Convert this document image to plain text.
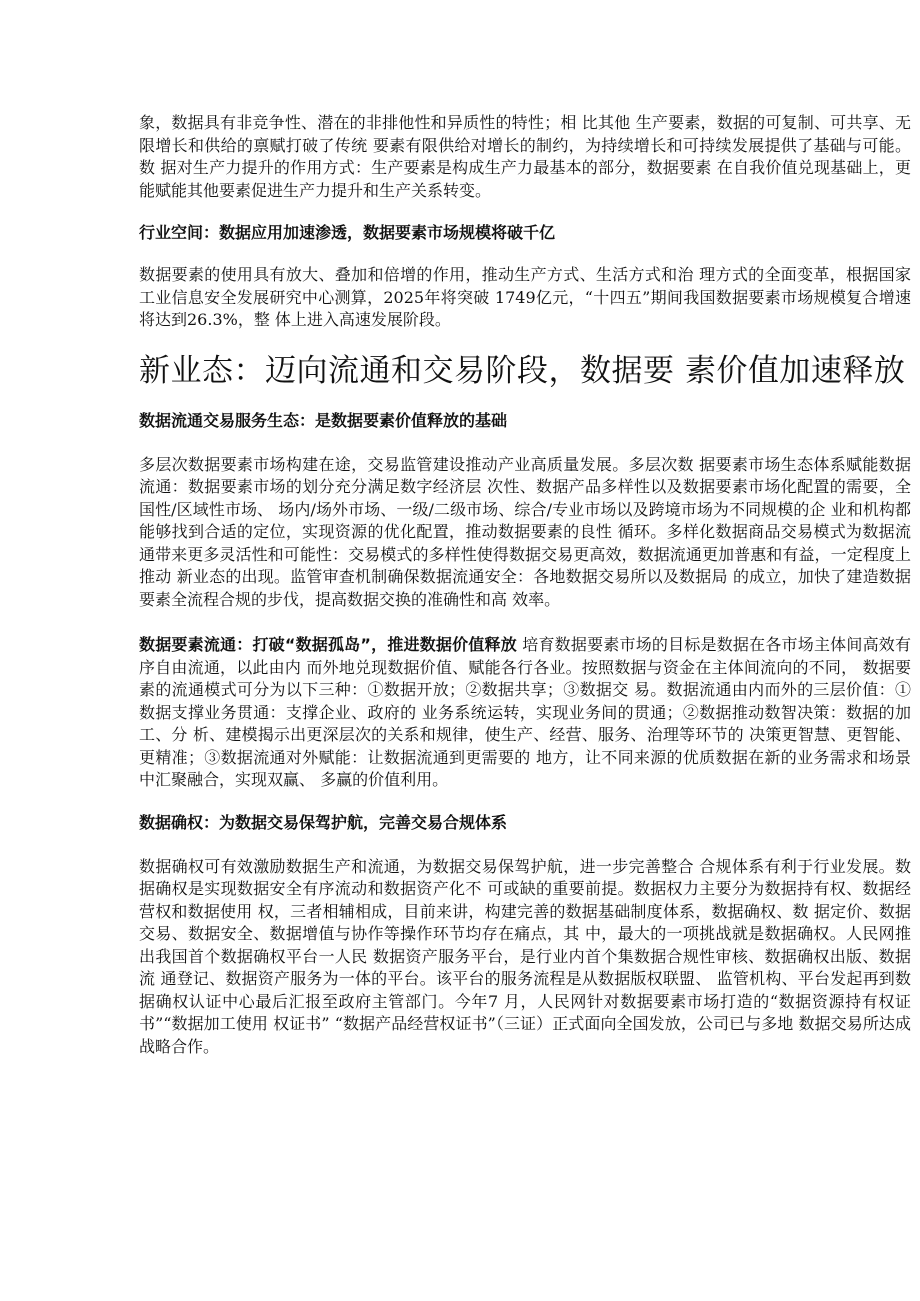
象，数据具有非竞争性、潜在的非排他性和异质性的特性；相 比其他 生产要素，数据的可复制、可共享、无限增长和供给的禀赋打破了传统 要素有限供给对增长的制约，为持续增长和可持续发展提供了基础与可能。数 据对生产力提升的作用方式：生产要素是构成生产力最基本的部分，数据要素 在自我价值兑现基础上，更能赋能其他要素促进生产力提升和生产关系转变。

行业空间：数据应用加速渗透，数据要素市场规模将破千亿

数据要素的使用具有放大、叠加和倍增的作用，推动生产方式、生活方式和治 理方式的全面变革，根据国家工业信息安全发展研究中心测算，2025年将突破 1749亿元，“十四五”期间我国数据要素市场规模复合增速将达到26.3%，整 体上进入高速发展阶段。

新业态：迈向流通和交易阶段，数据要 素价值加速释放

数据流通交易服务生态：是数据要素价值释放的基础

多层次数据要素市场构建在途，交易监管建设推动产业高质量发展。多层次数 据要素市场生态体系赋能数据流通：数据要素市场的划分充分满足数字经济层 次性、数据产品多样性以及数据要素市场化配置的需要，全国性/区域性市场、 场内/场外市场、一级/二级市场、综合/专业市场以及跨境市场为不同规模的企 业和机构都能够找到合适的定位，实现资源的优化配置，推动数据要素的良性 循环。多样化数据商品交易模式为数据流通带来更多灵活性和可能性：交易模式的多样性使得数据交易更高效，数据流通更加普惠和有益，一定程度上推动 新业态的出现。监管审查机制确保数据流通安全：各地数据交易所以及数据局 的成立，加快了建造数据要素全流程合规的步伐，提高数据交换的准确性和高 效率。

数据要素流通：打破“数据孤岛”，推进数据价值释放 培育数据要素市场的目标是数据在各市场主体间高效有序自由流通，以此由内 而外地兑现数据价值、赋能各行各业。按照数据与资金在主体间流向的不同， 数据要素的流通模式可分为以下三种：①数据开放；②数据共享；③数据交 易。数据流通由内而外的三层价值：①数据支撑业务贯通：支撑企业、政府的 业务系统运转，实现业务间的贯通；②数据推动数智决策：数据的加工、分 析、建模揭示出更深层次的关系和规律，使生产、经营、服务、治理等环节的 决策更智慧、更智能、更精准；③数据流通对外赋能：让数据流通到更需要的 地方，让不同来源的优质数据在新的业务需求和场景中汇聚融合，实现双赢、 多赢的价值利用。

数据确权：为数据交易保驾护航，完善交易合规体系

数据确权可有效激励数据生产和流通，为数据交易保驾护航，进一步完善整合 合规体系有利于行业发展。数据确权是实现数据安全有序流动和数据资产化不 可或缺的重要前提。数据权力主要分为数据持有权、数据经营权和数据使用 权，三者相辅相成，目前来讲，构建完善的数据基础制度体系，数据确权、数 据定价、数据交易、数据安全、数据增值与协作等操作环节均存在痛点，其 中，最大的一项挑战就是数据确权。人民网推出我国首个数据确权平台一人民 数据资产服务平台，是行业内首个集数据合规性审核、数据确权出版、数据流 通登记、数据资产服务为一体的平台。该平台的服务流程是从数据版权联盟、 监管机构、平台发起再到数据确权认证中心最后汇报至政府主管部门。今年7 月，人民网针对数据要素市场打造的“数据资源持有权证书”“数据加工使用 权证书” “数据产品经营权证书”（三证）正式面向全国发放，公司已与多地 数据交易所达成战略合作。
